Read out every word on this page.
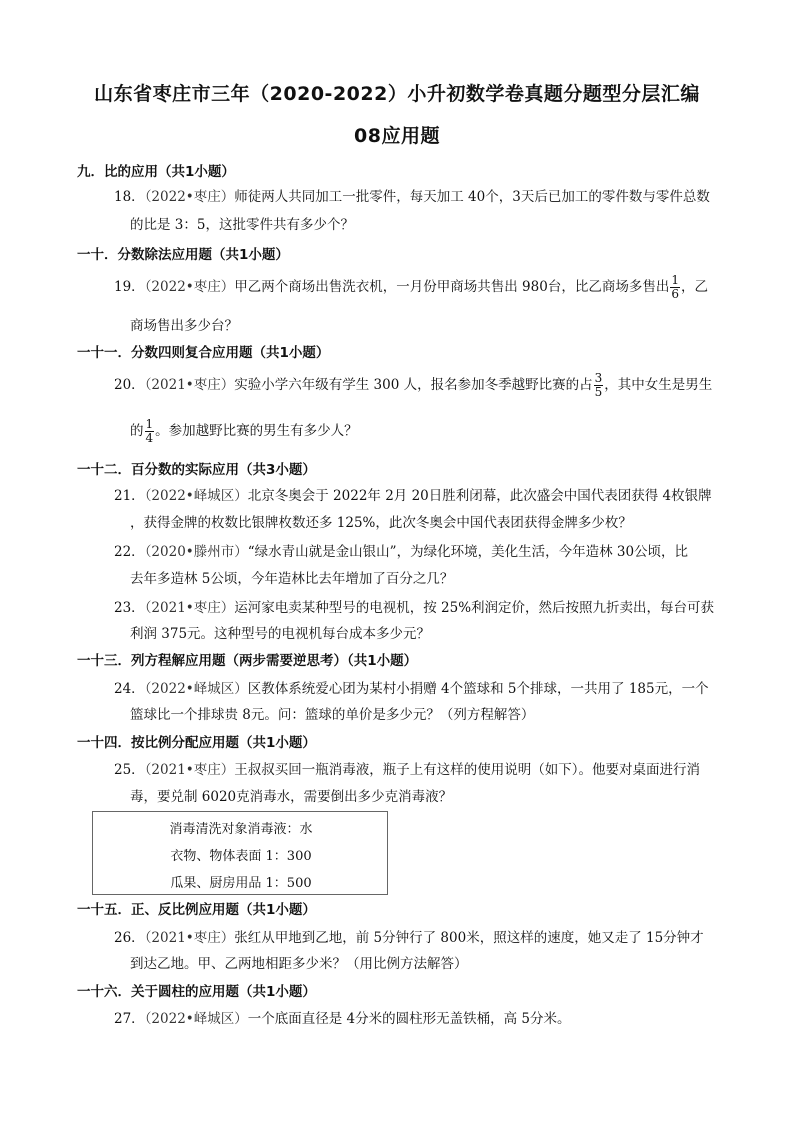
山东省枣庄市三年（2020-2022）小升初数学卷真题分题型分层汇编
08应用题
九．比的应用（共1小题）
18．（2022•枣庄）师徒两人共同加工一批零件，每天加工 40个，3天后已加工的零件数与零件总数
的比是 3：5，这批零件共有多少个？
一十．分数除法应用题（共1小题）
19．（2022•枣庄）甲乙两个商场出售洗衣机，一月份甲商场共售出 980台，比乙商场多售出 $\frac{1}{6}$ ，乙
商场售出多少台？
一十一．分数四则复合应用题（共1小题）
20．（2021•枣庄）实验小学六年级有学生 300 人，报名参加冬季越野比赛的占 $\frac{3}{5}$ ，其中女生是男生
的 $\frac{1}{4}$ 。参加越野比赛的男生有多少人？
一十二．百分数的实际应用（共3小题）
21．（2022•峄城区）北京冬奥会于 2022年 2月 20日胜利闭幕，此次盛会中国代表团获得 4枚银牌
，获得金牌的枚数比银牌枚数还多 125%，此次冬奥会中国代表团获得金牌多少枚？
22．（2020•滕州市）“绿水青山就是金山银山”，为绿化环境，美化生活，今年造林 30公顷，比
去年多造林 5公顷，今年造林比去年增加了百分之几？
23．（2021•枣庄）运河家电卖某种型号的电视机，按 25%利润定价，然后按照九折卖出，每台可获
利润 375元。这种型号的电视机每台成本多少元？
一十三．列方程解应用题（两步需要逆思考）（共1小题）
24．（2022•峄城区）区教体系统爱心团为某村小捐赠 4个篮球和 5个排球，一共用了 185元，一个
篮球比一个排球贵 8元。问：篮球的单价是多少元？（列方程解答）
一十四．按比例分配应用题（共1小题）
25．（2021•枣庄）王叔叔买回一瓶消毒液，瓶子上有这样的使用说明（如下）。他要对桌面进行消
毒，要兑制 6020克消毒水，需要倒出多少克消毒液？
消毒清洗对象消毒液：水
衣物、物体表面 1：300
瓜果、厨房用品 1：500
一十五．正、反比例应用题（共1小题）
26．（2021•枣庄）张红从甲地到乙地，前 5分钟行了 800米，照这样的速度，她又走了 15分钟才
到达乙地。甲、乙两地相距多少米？（用比例方法解答）
一十六．关于圆柱的应用题（共1小题）
27．（2022•峄城区）一个底面直径是 4分米的圆柱形无盖铁桶，高 5分米。
